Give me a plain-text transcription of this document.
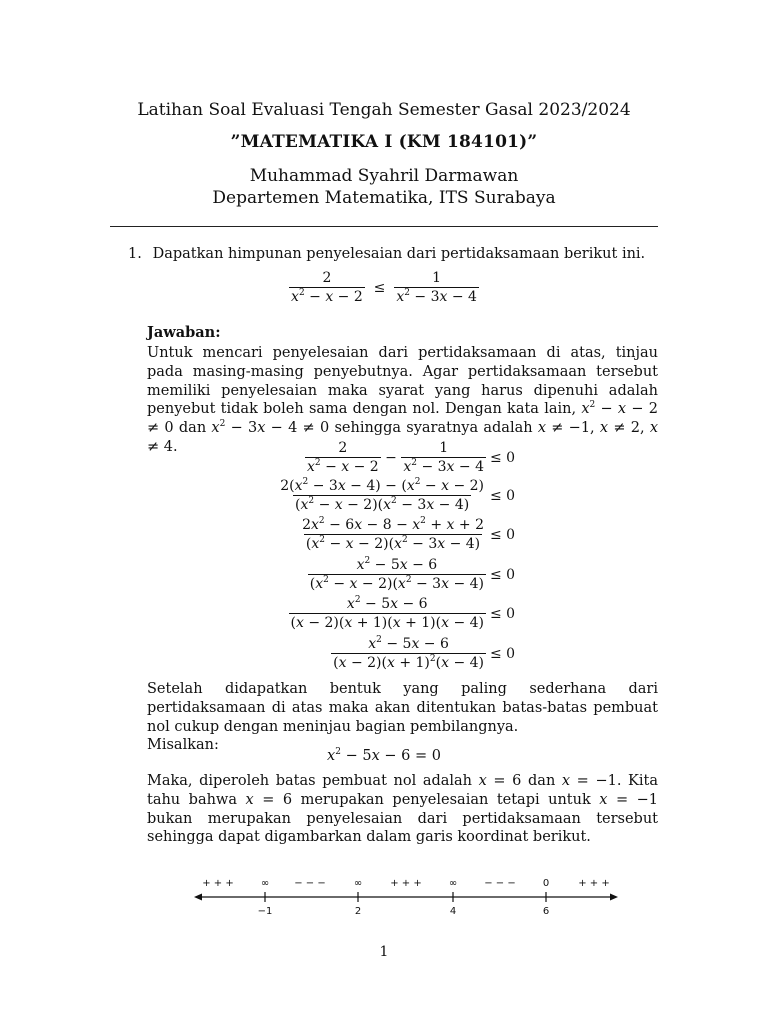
Latihan Soal Evaluasi Tengah Semester Gasal 2023/2024
”MATEMATIKA I (KM 184101)”
Muhammad Syahril Darmawan
Departemen Matematika, ITS Surabaya
1. Dapatkan himpunan penyelesaian dari pertidaksamaan berikut ini.
$\frac{2}{x^2 - x - 2} \le \frac{1}{x^2 - 3x - 4}$
Jawaban:
Untuk mencari penyelesaian dari pertidaksamaan di atas, tinjau pada masing-masing penyebutnya. Agar pertidaksamaan tersebut memiliki penyelesaian maka syarat yang harus dipenuhi adalah penyebut tidak boleh sama dengan nol. Dengan kata lain, $x^2 - x - 2 \ne 0$ dan $x^2 - 3x - 4 \ne 0$ sehingga syaratnya adalah x ≠ −1, x ≠ 2, x ≠ 4.	$\frac{2}{x^2 - x - 2} - \frac{1}{x^2 - 3x - 4} \le 0$
$\frac{2(x^2 - 3x - 4) - (x^2 - x - 2)}{(x^2 - x - 2)(x^2 - 3x - 4)} \le 0$
$\frac{2x^2 - 6x - 8 - x^2 + x + 2}{(x^2 - x - 2)(x^2 - 3x - 4)} \le 0$
$\frac{x^2 - 5x - 6}{(x^2 - x - 2)(x^2 - 3x - 4)} \le 0$
$\frac{x^2 - 5x - 6}{(x - 2)(x + 1)(x + 1)(x - 4)} \le 0$
$\frac{x^2 - 5x - 6}{(x - 2)(x + 1)^2(x - 4)} \le 0$
Setelah didapatkan bentuk yang paling sederhana dari pertidaksamaan di atas maka akan ditentukan batas-batas pembuat nol cukup dengan meninjau bagian pembilangnya.
Misalkan:
$x^2 - 5x - 6 = 0$
Maka, diperoleh batas pembuat nol adalah x = 6 dan x = −1. Kita tahu bahwa x = 6 merupakan penyelesaian tetapi untuk x = −1 bukan merupakan penyelesaian dari pertidaksamaan tersebut sehingga dapat digambarkan dalam garis koordinat berikut.
+ + +	∞	− − −	∞	+ + +	∞	− − −	0	+ + +
−1	2	4	6
1
